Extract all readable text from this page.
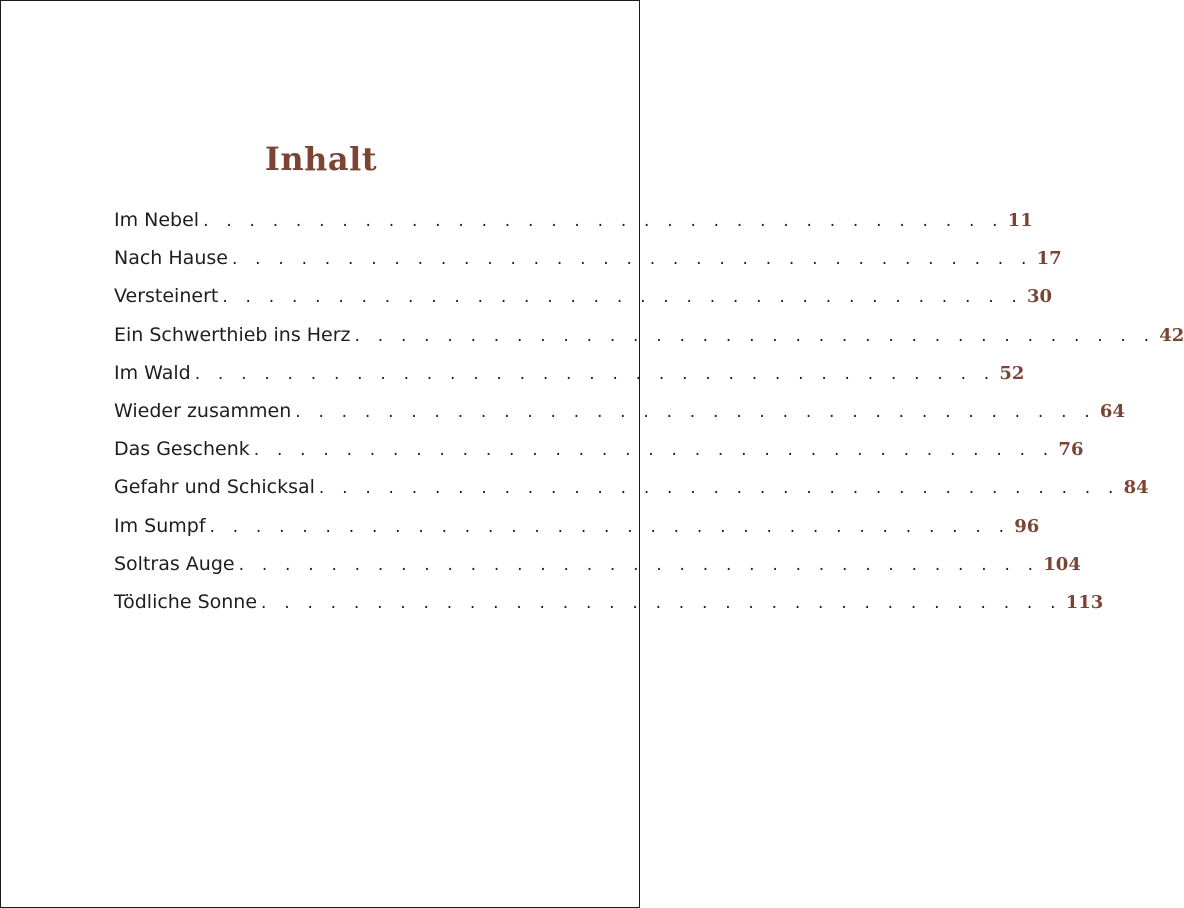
Inhalt
Im Nebel . . . . . . . . . . . . . . . . . . . . . . . . . . . . . . . . . . . 11
Nach Hause . . . . . . . . . . . . . . . . . . . . . . . . . . . . . . . . . . . 17
Versteinert . . . . . . . . . . . . . . . . . . . . . . . . . . . . . . . . . . . 30
Ein Schwerthieb ins Herz . . . . . . . . . . . . . . . . . . . . . . . . . . . . . . . . . . . 42
Im Wald . . . . . . . . . . . . . . . . . . . . . . . . . . . . . . . . . . . 52
Wieder zusammen . . . . . . . . . . . . . . . . . . . . . . . . . . . . . . . . . . . 64
Das Geschenk . . . . . . . . . . . . . . . . . . . . . . . . . . . . . . . . . . . 76
Gefahr und Schicksal . . . . . . . . . . . . . . . . . . . . . . . . . . . . . . . . . . . 84
Im Sumpf . . . . . . . . . . . . . . . . . . . . . . . . . . . . . . . . . . . 96
Soltras Auge . . . . . . . . . . . . . . . . . . . . . . . . . . . . . . . . . . . 104
Tödliche Sonne . . . . . . . . . . . . . . . . . . . . . . . . . . . . . . . . . . . 113
